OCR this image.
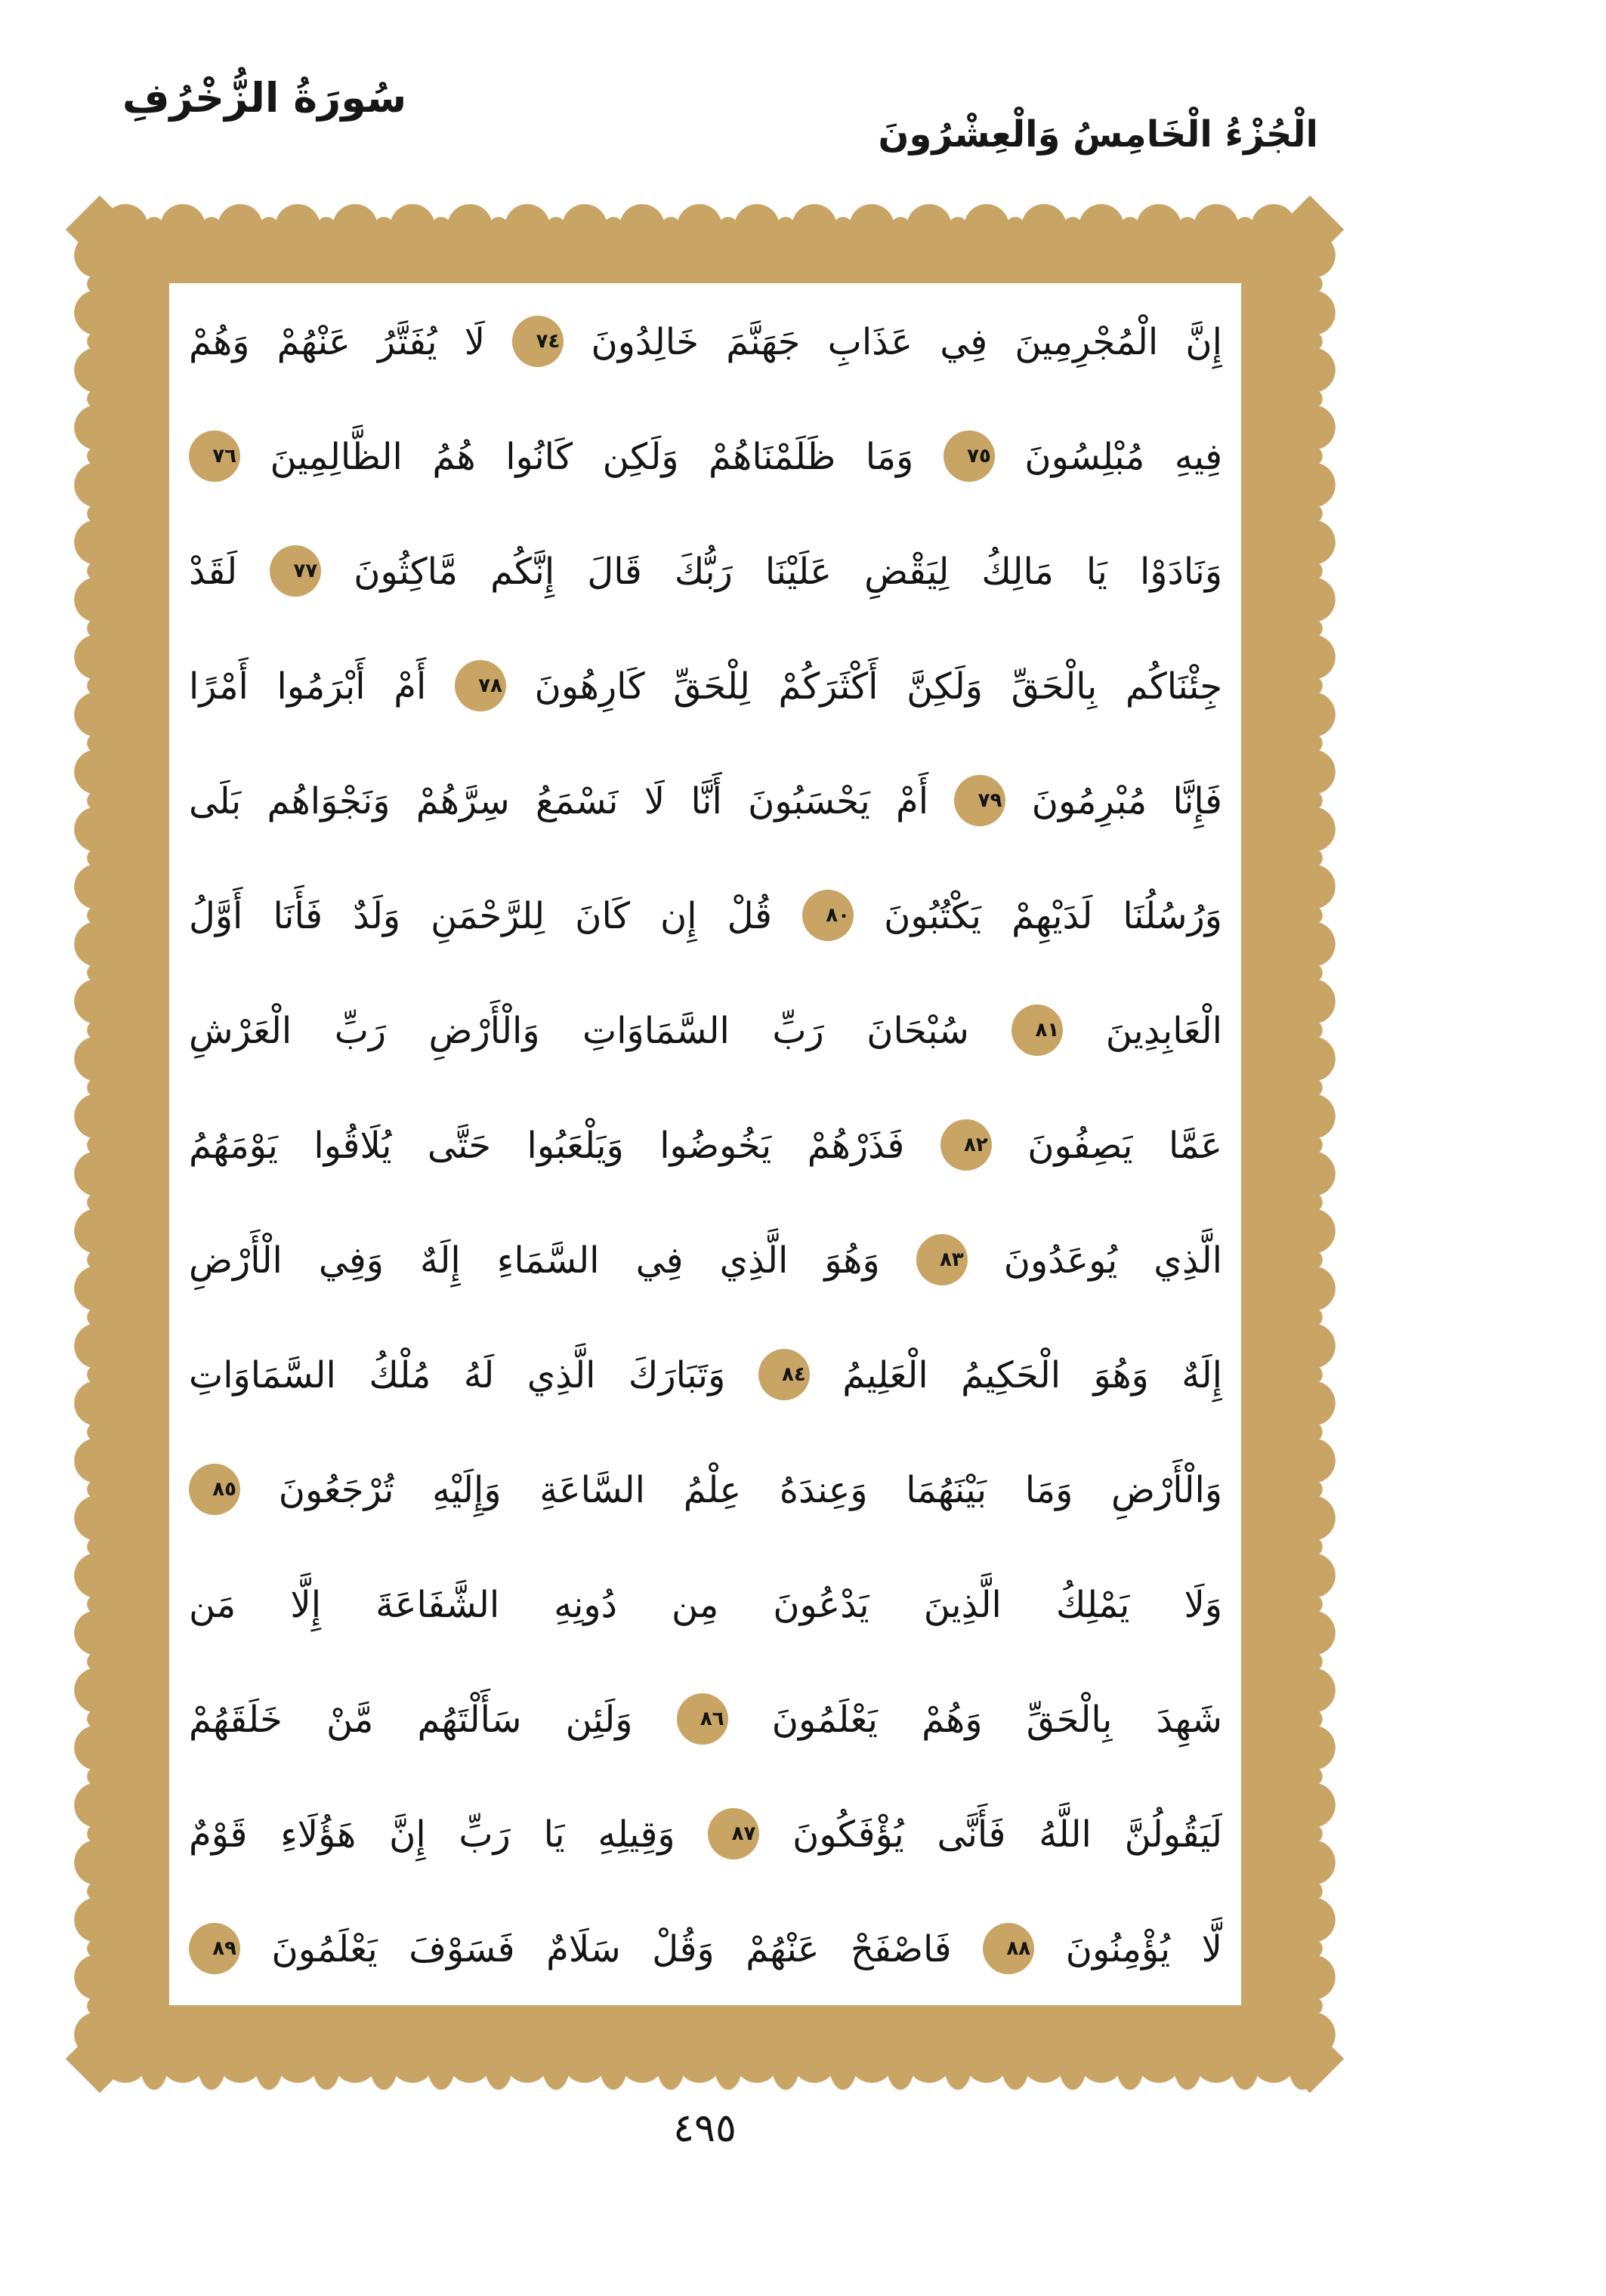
سُورَةُ الزُّخْرُفِ
الْجُزْءُ الْخَامِسُ وَالْعِشْرُونَ
إِنَّ الْمُجْرِمِينَ فِي عَذَابِ جَهَنَّمَ خَالِدُونَ
٧٤
لَا يُفَتَّرُ عَنْهُمْ وَهُمْ
فِيهِ مُبْلِسُونَ
٧٥
وَمَا ظَلَمْنَاهُمْ وَلَكِن كَانُوا هُمُ الظَّالِمِينَ
٧٦
وَنَادَوْا يَا مَالِكُ لِيَقْضِ عَلَيْنَا رَبُّكَ قَالَ إِنَّكُم مَّاكِثُونَ
٧٧
لَقَدْ
جِئْنَاكُم بِالْحَقِّ وَلَكِنَّ أَكْثَرَكُمْ لِلْحَقِّ كَارِهُونَ
٧٨
أَمْ أَبْرَمُوا أَمْرًا
فَإِنَّا مُبْرِمُونَ
٧٩
أَمْ يَحْسَبُونَ أَنَّا لَا نَسْمَعُ سِرَّهُمْ وَنَجْوَاهُم بَلَى
وَرُسُلُنَا لَدَيْهِمْ يَكْتُبُونَ
٨٠
قُلْ إِن كَانَ لِلرَّحْمَنِ وَلَدٌ فَأَنَا أَوَّلُ
الْعَابِدِينَ
٨١
سُبْحَانَ رَبِّ السَّمَاوَاتِ وَالْأَرْضِ رَبِّ الْعَرْشِ
عَمَّا يَصِفُونَ
٨٢
فَذَرْهُمْ يَخُوضُوا وَيَلْعَبُوا حَتَّى يُلَاقُوا يَوْمَهُمُ
الَّذِي يُوعَدُونَ
٨٣
وَهُوَ الَّذِي فِي السَّمَاءِ إِلَهٌ وَفِي الْأَرْضِ
إِلَهٌ وَهُوَ الْحَكِيمُ الْعَلِيمُ
٨٤
وَتَبَارَكَ الَّذِي لَهُ مُلْكُ السَّمَاوَاتِ
وَالْأَرْضِ وَمَا بَيْنَهُمَا وَعِندَهُ عِلْمُ السَّاعَةِ وَإِلَيْهِ تُرْجَعُونَ
٨٥
وَلَا يَمْلِكُ الَّذِينَ يَدْعُونَ مِن دُونِهِ الشَّفَاعَةَ إِلَّا مَن
شَهِدَ بِالْحَقِّ وَهُمْ يَعْلَمُونَ
٨٦
وَلَئِن سَأَلْتَهُم مَّنْ خَلَقَهُمْ
لَيَقُولُنَّ اللَّهُ فَأَنَّى يُؤْفَكُونَ
٨٧
وَقِيلِهِ يَا رَبِّ إِنَّ هَؤُلَاءِ قَوْمٌ
لَّا يُؤْمِنُونَ
٨٨
فَاصْفَحْ عَنْهُمْ وَقُلْ سَلَامٌ فَسَوْفَ يَعْلَمُونَ
٨٩
٤٩٥
